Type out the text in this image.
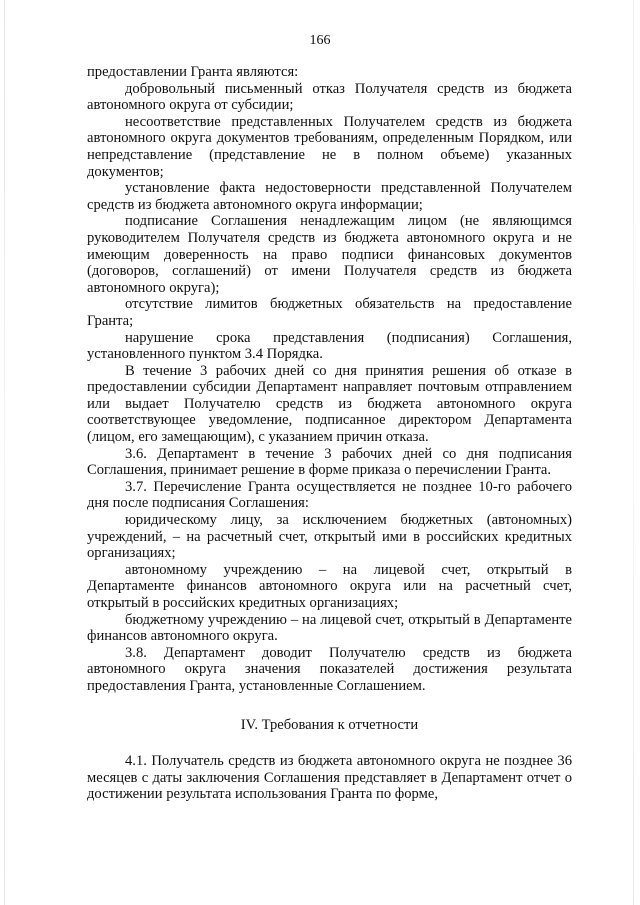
166

предоставлении Гранта являются:

добровольный письменный отказ Получателя средств из бюджета автономного округа от субсидии;

несоответствие представленных Получателем средств из бюджета автономного округа документов требованиям, определенным Порядком, или непредставление (представление не в полном объеме) указанных документов;

установление факта недостоверности представленной Получателем средств из бюджета автономного округа информации;

подписание Соглашения ненадлежащим лицом (не являющимся руководителем Получателя средств из бюджета автономного округа и не имеющим доверенность на право подписи финансовых документов (договоров, соглашений) от имени Получателя средств из бюджета автономного округа);

отсутствие лимитов бюджетных обязательств на предоставление Гранта;

нарушение срока представления (подписания) Соглашения, установленного пунктом 3.4 Порядка.

В течение 3 рабочих дней со дня принятия решения об отказе в предоставлении субсидии Департамент направляет почтовым отправлением или выдает Получателю средств из бюджета автономного округа соответствующее уведомление, подписанное директором Департамента (лицом, его замещающим), с указанием причин отказа.

3.6. Департамент в течение 3 рабочих дней со дня подписания Соглашения, принимает решение в форме приказа о перечислении Гранта.

3.7. Перечисление Гранта осуществляется не позднее 10-го рабочего дня после подписания Соглашения:

юридическому лицу, за исключением бюджетных (автономных) учреждений, – на расчетный счет, открытый ими в российских кредитных организациях;

автономному учреждению – на лицевой счет, открытый в Департаменте финансов автономного округа или на расчетный счет, открытый в российских кредитных организациях;

бюджетному учреждению – на лицевой счет, открытый в Департаменте финансов автономного округа.

3.8. Департамент доводит Получателю средств из бюджета автономного округа значения показателей достижения результата предоставления Гранта, установленные Соглашением.

IV. Требования к отчетности

4.1. Получатель средств из бюджета автономного округа не позднее 36 месяцев с даты заключения Соглашения представляет в Департамент отчет о достижении результата использования Гранта по форме,
